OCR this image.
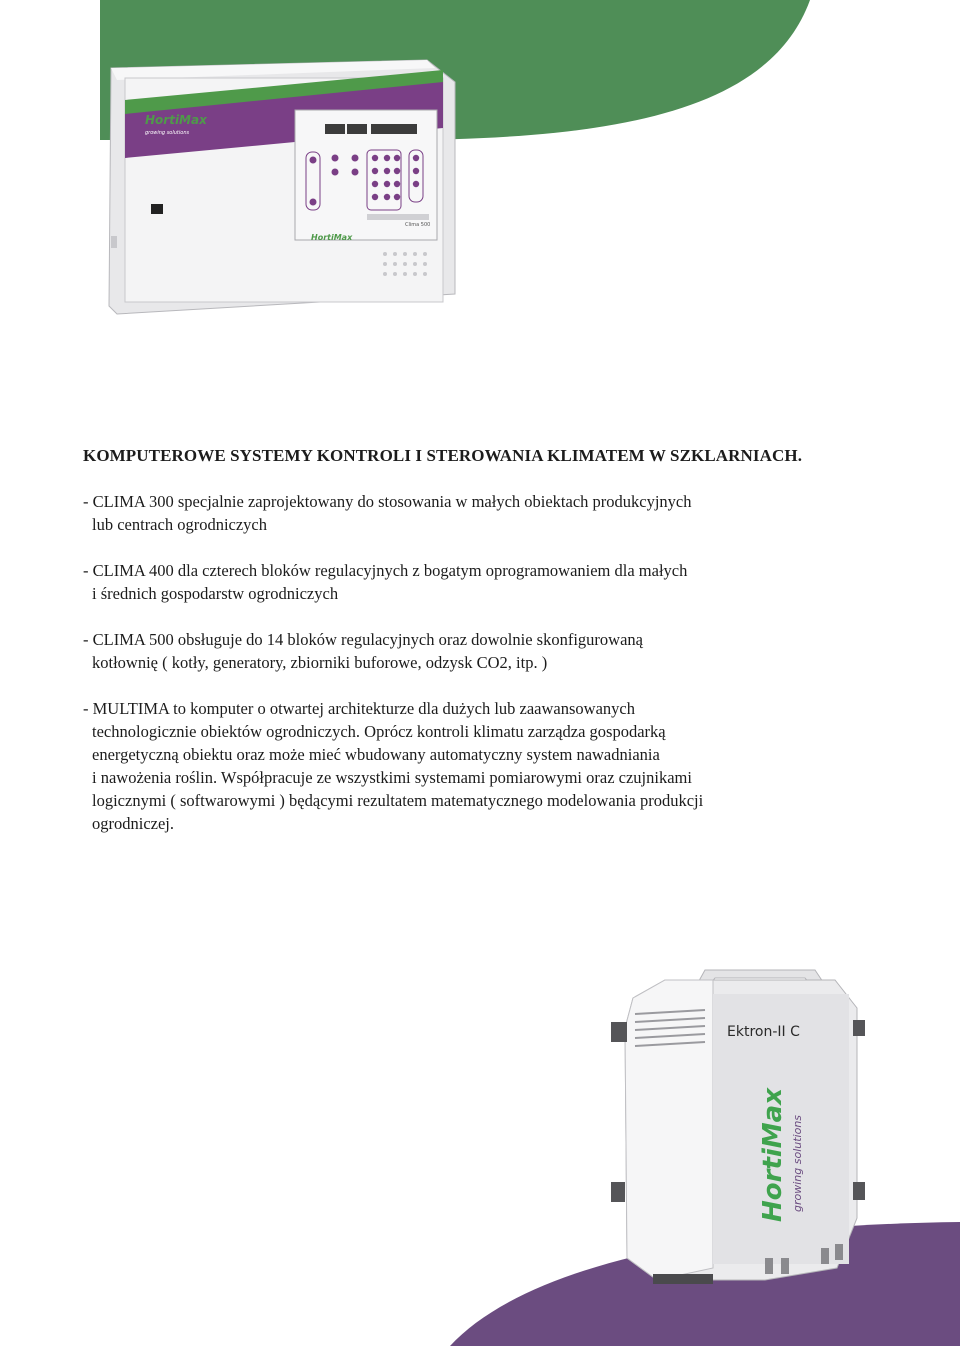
HortiMax
growing solutions
Clima 500
HortiMax
KOMPUTEROWE SYSTEMY KONTROLI I STEROWANIA KLIMATEM W SZKLARNIACH.

- CLIMA 300 specjalnie zaprojektowany do stosowania w małych obiektach produkcyjnych
lub centrach ogrodniczych

- CLIMA 400 dla czterech bloków regulacyjnych z bogatym oprogramowaniem dla małych
i średnich gospodarstw ogrodniczych

- CLIMA 500 obsługuje do 14 bloków regulacyjnych oraz dowolnie skonfigurowaną
kotłownię ( kotły, generatory, zbiorniki buforowe, odzysk CO2, itp. )

- MULTIMA to komputer o otwartej architekturze dla dużych lub zaawansowanych
technologicznie obiektów ogrodniczych. Oprócz kontroli klimatu zarządza gospodarką
energetyczną obiektu oraz może mieć wbudowany automatyczny system nawadniania
i nawożenia roślin. Współpracuje ze wszystkimi systemami pomiarowymi oraz czujnikami
logicznymi ( softwarowymi ) będącymi rezultatem matematycznego modelowania produkcji
ogrodniczej.

Ektron-II C
HortiMax growing solutions
